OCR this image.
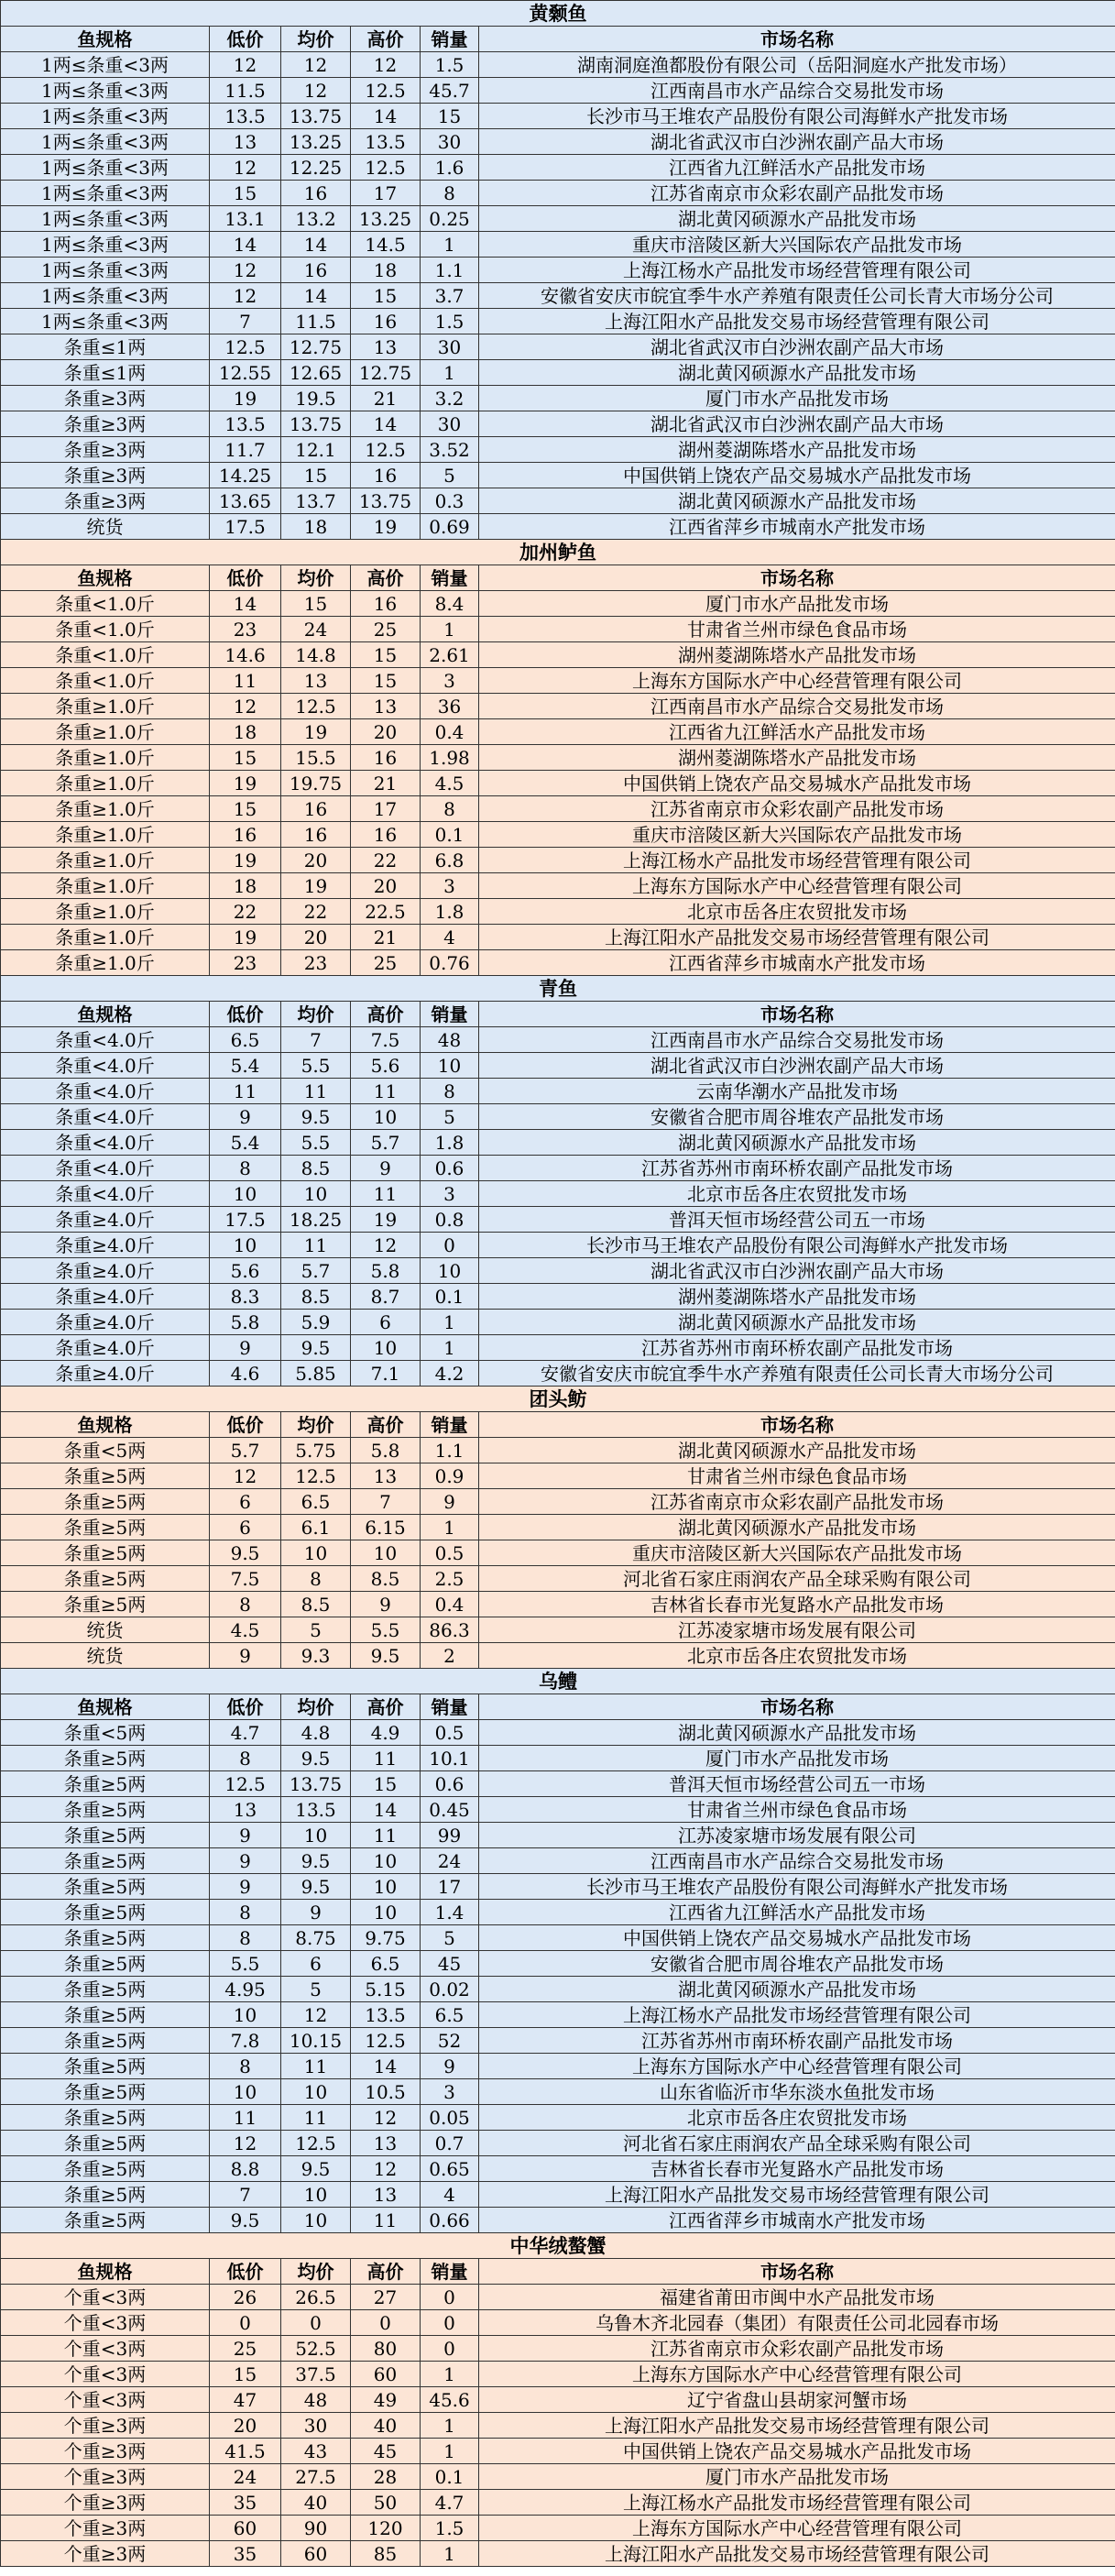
黄颡鱼					
鱼规格	低价	均价	高价	销量	市场名称
1两≤条重<3两	12	12	12	1.5	湖南洞庭渔都股份有限公司（岳阳洞庭水产批发市场）
1两≤条重<3两	11.5	12	12.5	45.7	江西南昌市水产品综合交易批发市场
1两≤条重<3两	13.5	13.75	14	15	长沙市马王堆农产品股份有限公司海鲜水产批发市场
1两≤条重<3两	13	13.25	13.5	30	湖北省武汉市白沙洲农副产品大市场
1两≤条重<3两	12	12.25	12.5	1.6	江西省九江鲜活水产品批发市场
1两≤条重<3两	15	16	17	8	江苏省南京市众彩农副产品批发市场
1两≤条重<3两	13.1	13.2	13.25	0.25	湖北黄冈硕源水产品批发市场
1两≤条重<3两	14	14	14.5	1	重庆市涪陵区新大兴国际农产品批发市场
1两≤条重<3两	12	16	18	1.1	上海江杨水产品批发市场经营管理有限公司
1两≤条重<3两	12	14	15	3.7	安徽省安庆市皖宜季牛水产养殖有限责任公司长青大市场分公司
1两≤条重<3两	7	11.5	16	1.5	上海江阳水产品批发交易市场经营管理有限公司
条重≤1两	12.5	12.75	13	30	湖北省武汉市白沙洲农副产品大市场
条重≤1两	12.55	12.65	12.75	1	湖北黄冈硕源水产品批发市场
条重≥3两	19	19.5	21	3.2	厦门市水产品批发市场
条重≥3两	13.5	13.75	14	30	湖北省武汉市白沙洲农副产品大市场
条重≥3两	11.7	12.1	12.5	3.52	湖州菱湖陈塔水产品批发市场
条重≥3两	14.25	15	16	5	中国供销上饶农产品交易城水产品批发市场
条重≥3两	13.65	13.7	13.75	0.3	湖北黄冈硕源水产品批发市场
统货	17.5	18	19	0.69	江西省萍乡市城南水产批发市场
加州鲈鱼					
鱼规格	低价	均价	高价	销量	市场名称
条重<1.0斤	14	15	16	8.4	厦门市水产品批发市场
条重<1.0斤	23	24	25	1	甘肃省兰州市绿色食品市场
条重<1.0斤	14.6	14.8	15	2.61	湖州菱湖陈塔水产品批发市场
条重<1.0斤	11	13	15	3	上海东方国际水产中心经营管理有限公司
条重≥1.0斤	12	12.5	13	36	江西南昌市水产品综合交易批发市场
条重≥1.0斤	18	19	20	0.4	江西省九江鲜活水产品批发市场
条重≥1.0斤	15	15.5	16	1.98	湖州菱湖陈塔水产品批发市场
条重≥1.0斤	19	19.75	21	4.5	中国供销上饶农产品交易城水产品批发市场
条重≥1.0斤	15	16	17	8	江苏省南京市众彩农副产品批发市场
条重≥1.0斤	16	16	16	0.1	重庆市涪陵区新大兴国际农产品批发市场
条重≥1.0斤	19	20	22	6.8	上海江杨水产品批发市场经营管理有限公司
条重≥1.0斤	18	19	20	3	上海东方国际水产中心经营管理有限公司
条重≥1.0斤	22	22	22.5	1.8	北京市岳各庄农贸批发市场
条重≥1.0斤	19	20	21	4	上海江阳水产品批发交易市场经营管理有限公司
条重≥1.0斤	23	23	25	0.76	江西省萍乡市城南水产批发市场
青鱼					
鱼规格	低价	均价	高价	销量	市场名称
条重<4.0斤	6.5	7	7.5	48	江西南昌市水产品综合交易批发市场
条重<4.0斤	5.4	5.5	5.6	10	湖北省武汉市白沙洲农副产品大市场
条重<4.0斤	11	11	11	8	云南华潮水产品批发市场
条重<4.0斤	9	9.5	10	5	安徽省合肥市周谷堆农产品批发市场
条重<4.0斤	5.4	5.5	5.7	1.8	湖北黄冈硕源水产品批发市场
条重<4.0斤	8	8.5	9	0.6	江苏省苏州市南环桥农副产品批发市场
条重<4.0斤	10	10	11	3	北京市岳各庄农贸批发市场
条重≥4.0斤	17.5	18.25	19	0.8	普洱天恒市场经营公司五一市场
条重≥4.0斤	10	11	12	0	长沙市马王堆农产品股份有限公司海鲜水产批发市场
条重≥4.0斤	5.6	5.7	5.8	10	湖北省武汉市白沙洲农副产品大市场
条重≥4.0斤	8.3	8.5	8.7	0.1	湖州菱湖陈塔水产品批发市场
条重≥4.0斤	5.8	5.9	6	1	湖北黄冈硕源水产品批发市场
条重≥4.0斤	9	9.5	10	1	江苏省苏州市南环桥农副产品批发市场
条重≥4.0斤	4.6	5.85	7.1	4.2	安徽省安庆市皖宜季牛水产养殖有限责任公司长青大市场分公司
团头鲂					
鱼规格	低价	均价	高价	销量	市场名称
条重<5两	5.7	5.75	5.8	1.1	湖北黄冈硕源水产品批发市场
条重≥5两	12	12.5	13	0.9	甘肃省兰州市绿色食品市场
条重≥5两	6	6.5	7	9	江苏省南京市众彩农副产品批发市场
条重≥5两	6	6.1	6.15	1	湖北黄冈硕源水产品批发市场
条重≥5两	9.5	10	10	0.5	重庆市涪陵区新大兴国际农产品批发市场
条重≥5两	7.5	8	8.5	2.5	河北省石家庄雨润农产品全球采购有限公司
条重≥5两	8	8.5	9	0.4	吉林省长春市光复路水产品批发市场
统货	4.5	5	5.5	86.3	江苏凌家塘市场发展有限公司
统货	9	9.3	9.5	2	北京市岳各庄农贸批发市场
乌鳢					
鱼规格	低价	均价	高价	销量	市场名称
条重<5两	4.7	4.8	4.9	0.5	湖北黄冈硕源水产品批发市场
条重≥5两	8	9.5	11	10.1	厦门市水产品批发市场
条重≥5两	12.5	13.75	15	0.6	普洱天恒市场经营公司五一市场
条重≥5两	13	13.5	14	0.45	甘肃省兰州市绿色食品市场
条重≥5两	9	10	11	99	江苏凌家塘市场发展有限公司
条重≥5两	9	9.5	10	24	江西南昌市水产品综合交易批发市场
条重≥5两	9	9.5	10	17	长沙市马王堆农产品股份有限公司海鲜水产批发市场
条重≥5两	8	9	10	1.4	江西省九江鲜活水产品批发市场
条重≥5两	8	8.75	9.75	5	中国供销上饶农产品交易城水产品批发市场
条重≥5两	5.5	6	6.5	45	安徽省合肥市周谷堆农产品批发市场
条重≥5两	4.95	5	5.15	0.02	湖北黄冈硕源水产品批发市场
条重≥5两	10	12	13.5	6.5	上海江杨水产品批发市场经营管理有限公司
条重≥5两	7.8	10.15	12.5	52	江苏省苏州市南环桥农副产品批发市场
条重≥5两	8	11	14	9	上海东方国际水产中心经营管理有限公司
条重≥5两	10	10	10.5	3	山东省临沂市华东淡水鱼批发市场
条重≥5两	11	11	12	0.05	北京市岳各庄农贸批发市场
条重≥5两	12	12.5	13	0.7	河北省石家庄雨润农产品全球采购有限公司
条重≥5两	8.8	9.5	12	0.65	吉林省长春市光复路水产品批发市场
条重≥5两	7	10	13	4	上海江阳水产品批发交易市场经营管理有限公司
条重≥5两	9.5	10	11	0.66	江西省萍乡市城南水产批发市场
中华绒螯蟹					
鱼规格	低价	均价	高价	销量	市场名称
个重<3两	26	26.5	27	0	福建省莆田市闽中水产品批发市场
个重<3两	0	0	0	0	乌鲁木齐北园春（集团）有限责任公司北园春市场
个重<3两	25	52.5	80	0	江苏省南京市众彩农副产品批发市场
个重<3两	15	37.5	60	1	上海东方国际水产中心经营管理有限公司
个重<3两	47	48	49	45.6	辽宁省盘山县胡家河蟹市场
个重≥3两	20	30	40	1	上海江阳水产品批发交易市场经营管理有限公司
个重≥3两	41.5	43	45	1	中国供销上饶农产品交易城水产品批发市场
个重≥3两	24	27.5	28	0.1	厦门市水产品批发市场
个重≥3两	35	40	50	4.7	上海江杨水产品批发市场经营管理有限公司
个重≥3两	60	90	120	1.5	上海东方国际水产中心经营管理有限公司
个重≥3两	35	60	85	1	上海江阳水产品批发交易市场经营管理有限公司
